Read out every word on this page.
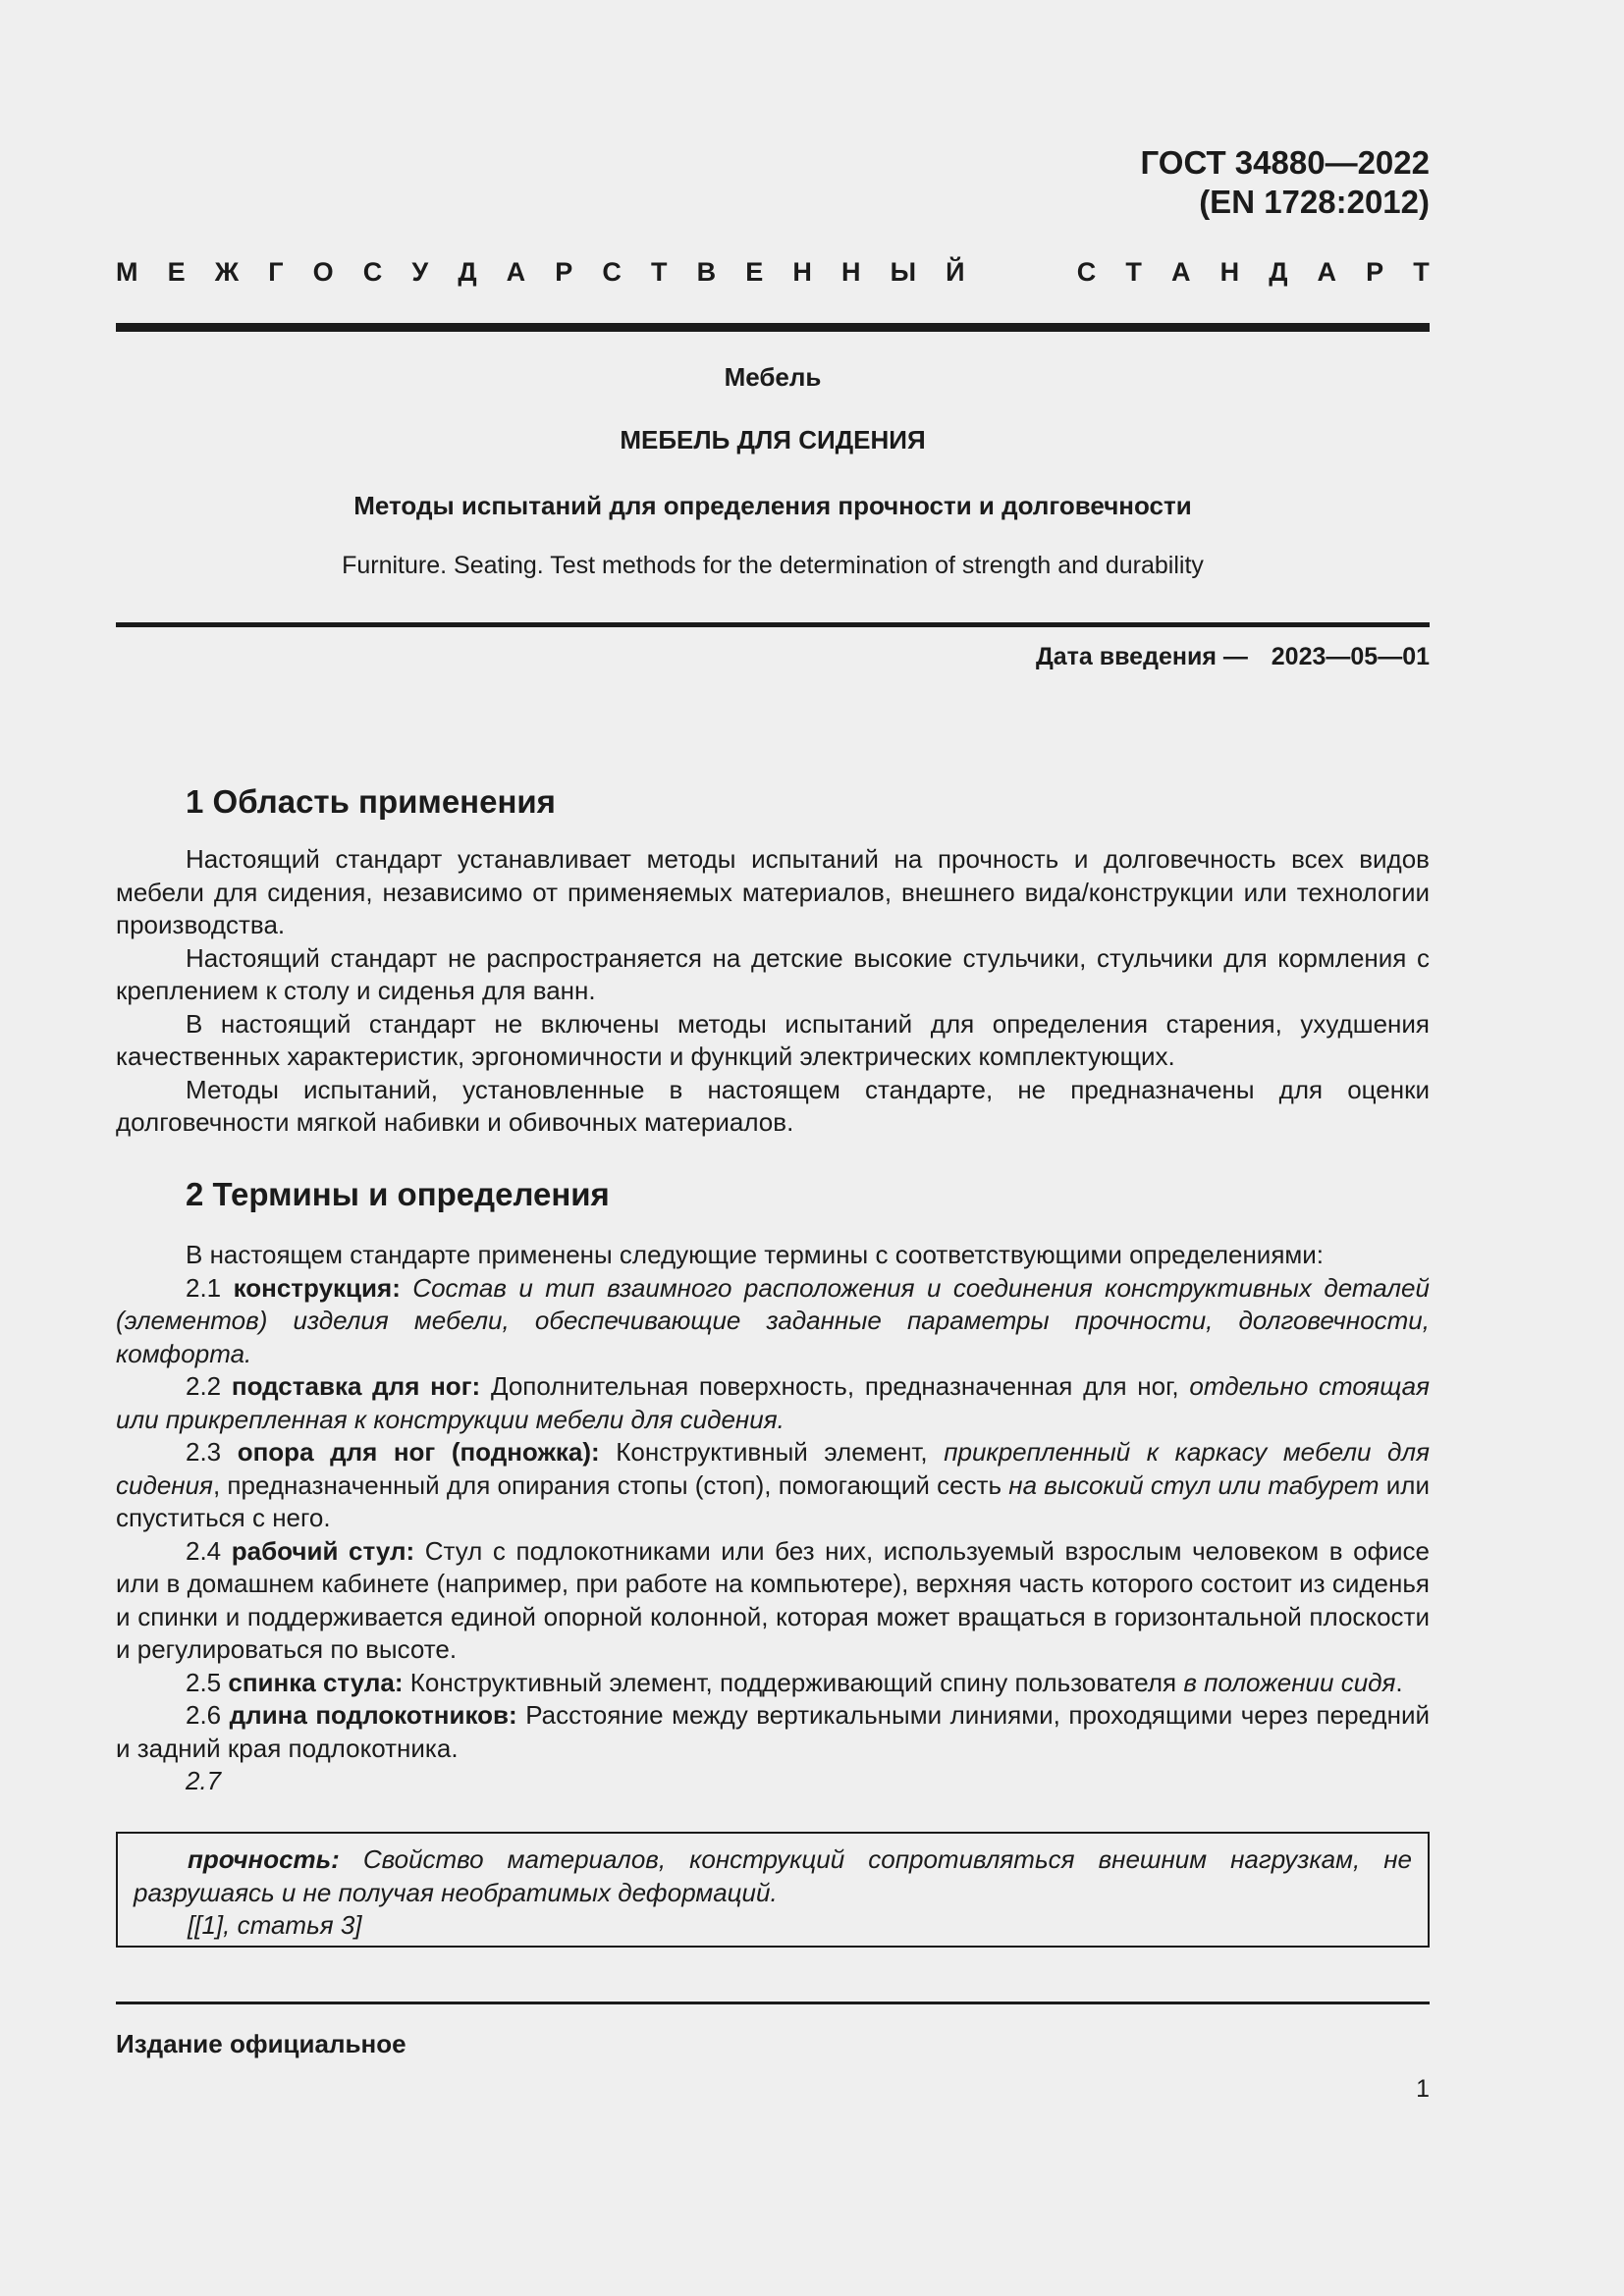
ГОСТ 34880—2022
(EN 1728:2012)
М Е Ж Г О С У Д А Р С Т В Е Н Н Ы Й	С Т А Н Д А Р Т
Мебель
МЕБЕЛЬ ДЛЯ СИДЕНИЯ
Методы испытаний для определения прочности и долговечности
Furniture. Seating. Test methods for the determination of strength and durability
Дата введения — 2023—05—01
1 Область применения

Настоящий стандарт устанавливает методы испытаний на прочность и долговечность всех видов мебели для сидения, независимо от применяемых материалов, внешнего вида/конструкции или технологии производства.

Настоящий стандарт не распространяется на детские высокие стульчики, стульчики для кормления с креплением к столу и сиденья для ванн.

В настоящий стандарт не включены методы испытаний для определения старения, ухудшения качественных характеристик, эргономичности и функций электрических комплектующих.

Методы испытаний, установленные в настоящем стандарте, не предназначены для оценки долговечности мягкой набивки и обивочных материалов.

2 Термины и определения

В настоящем стандарте применены следующие термины с соответствующими определениями:

2.1 конструкция: Состав и тип взаимного расположения и соединения конструктивных деталей (элементов) изделия мебели, обеспечивающие заданные параметры прочности, долговечности, комфорта.

2.2 подставка для ног: Дополнительная поверхность, предназначенная для ног, отдельно стоящая или прикрепленная к конструкции мебели для сидения.

2.3 опора для ног (подножка): Конструктивный элемент, прикрепленный к каркасу мебели для сидения, предназначенный для опирания стопы (стоп), помогающий сесть на высокий стул или табурет или спуститься с него.

2.4 рабочий стул: Стул с подлокотниками или без них, используемый взрослым человеком в офисе или в домашнем кабинете (например, при работе на компьютере), верхняя часть которого состоит из сиденья и спинки и поддерживается единой опорной колонной, которая может вращаться в горизонтальной плоскости и регулироваться по высоте.

2.5 спинка стула: Конструктивный элемент, поддерживающий спину пользователя в положении сидя.

2.6 длина подлокотников: Расстояние между вертикальными линиями, проходящими через передний и задний края подлокотника.

2.7

прочность: Свойство материалов, конструкций сопротивляться внешним нагрузкам, не разрушаясь и не получая необратимых деформаций.
[[1], статья 3]
Издание официальное
1
